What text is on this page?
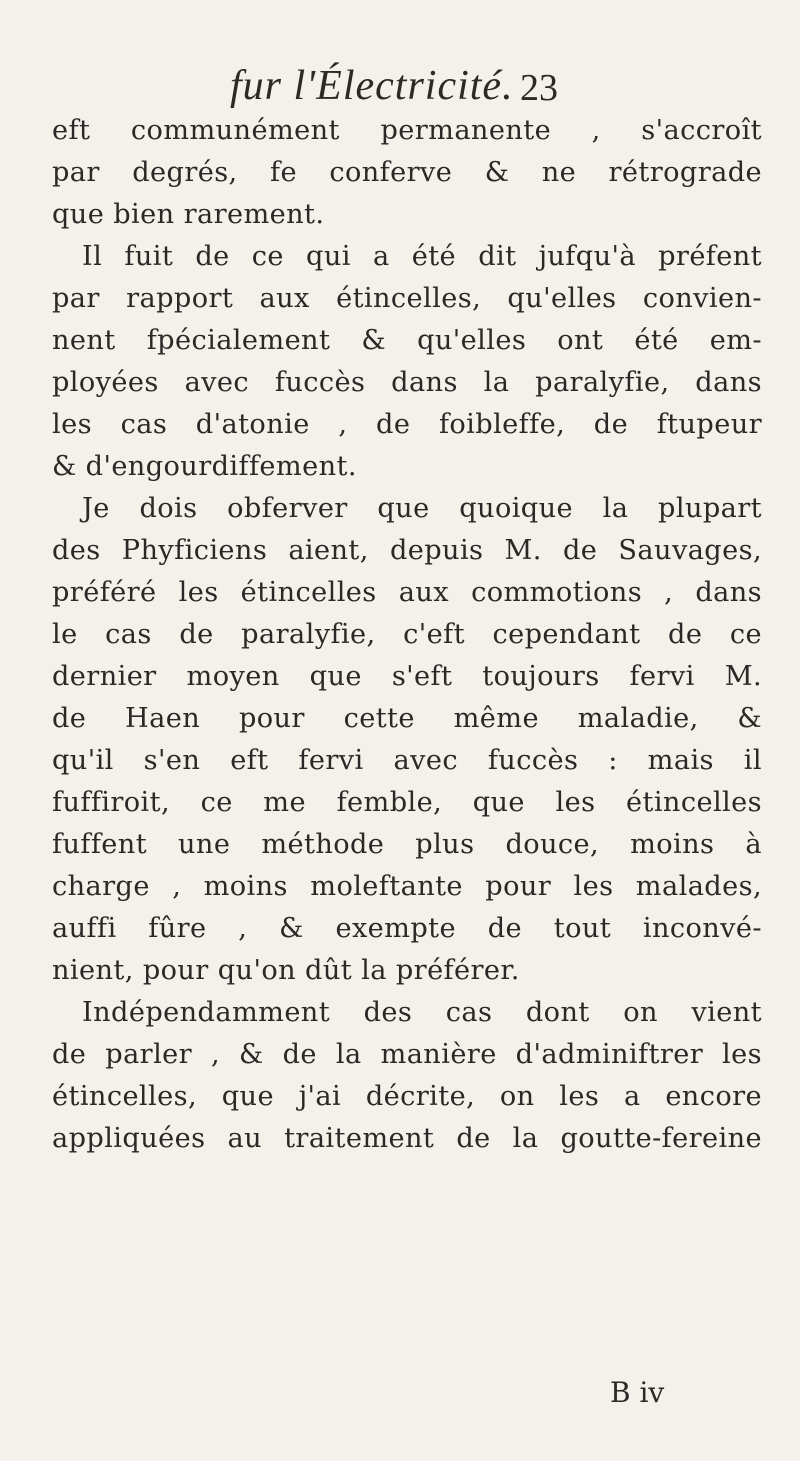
fur l'Électricité. 23
eft communément permanente , s'accroît
par degrés, fe conferve & ne rétrograde
que bien rarement.
Il fuit de ce qui a été dit jufqu'à préfent
par rapport aux étincelles, qu'elles convien-
nent fpécialement & qu'elles ont été em-
ployées avec fuccès dans la paralyfie, dans
les cas d'atonie , de foibleffe, de ftupeur
& d'engourdiffement.
Je dois obferver que quoique la plupart
des Phyficiens aient, depuis M. de Sauvages,
préféré les étincelles aux commotions , dans
le cas de paralyfie, c'eft cependant de ce
dernier moyen que s'eft toujours fervi M.
de Haen pour cette même maladie, &
qu'il s'en eft fervi avec fuccès : mais il
fuffiroit, ce me femble, que les étincelles
fuffent une méthode plus douce, moins à
charge , moins moleftante pour les malades,
auffi fûre , & exempte de tout inconvé-
nient, pour qu'on dût la préférer.
Indépendamment des cas dont on vient
de parler , & de la manière d'adminiftrer les
étincelles, que j'ai décrite, on les a encore
appliquées au traitement de la goutte-fereine
B iv
